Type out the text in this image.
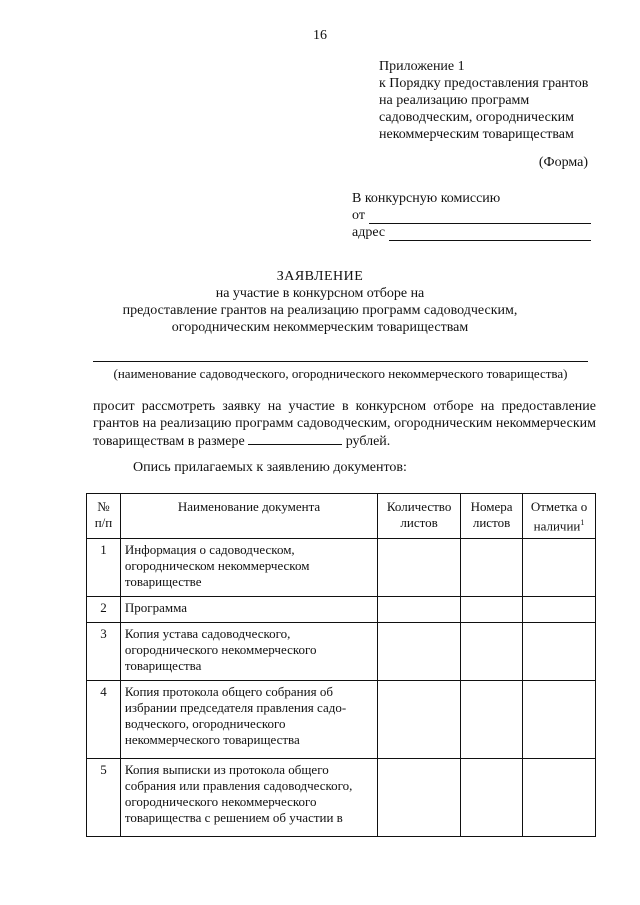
16
Приложение 1
к Порядку предоставления грантов
на реализацию программ
садоводческим, огородническим
некоммерческим товариществам
(Форма)
В конкурсную комиссию
от
адрес
ЗАЯВЛЕНИЕ
на участие в конкурсном отборе на
предоставление грантов на реализацию программ садоводческим,
огородническим некоммерческим товариществам
(наименование садоводческого, огороднического некоммерческого товарищества)
просит рассмотреть заявку на участие в конкурсном отборе на предоставление грантов на реализацию программ садоводческим, огородническим некоммерческим товариществам в размере	рублей.
Опись прилагаемых к заявлению документов:
№ п/п	Наименование документа	Количество листов	Номера листов	Отметка о наличии$^1$
1	Информация о садоводческом, огородническом некоммерческом товариществе			
2	Программа			
3	Копия устава садоводческого, огороднического некоммерческого товарищества			
4	Копия протокола общего собрания об избрании председателя правления садо-водческого, огороднического некоммерческого товарищества			
5	Копия выписки из протокола общего собрания или правления садоводческого, огороднического некоммерческого товарищества с решением об участии в			
